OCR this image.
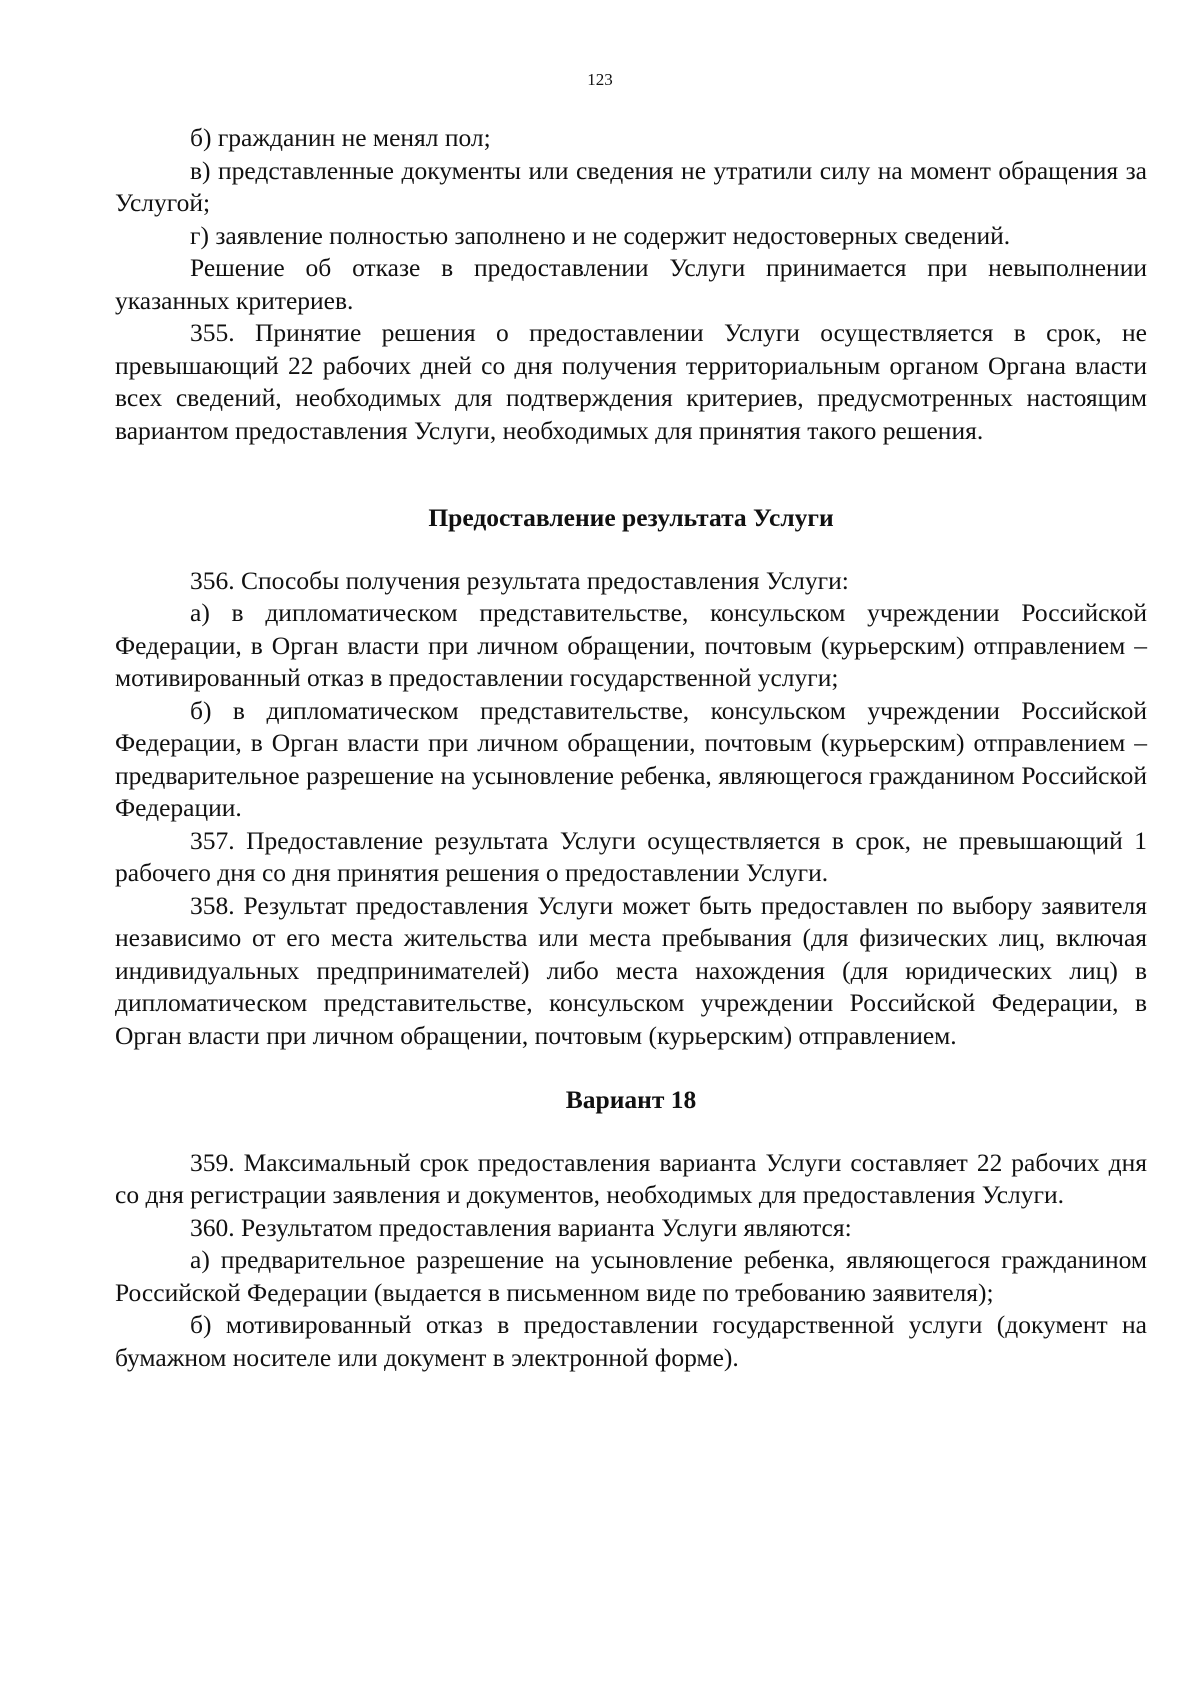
123

б) гражданин не менял пол;

в) представленные документы или сведения не утратили силу на момент обращения за Услугой;

г) заявление полностью заполнено и не содержит недостоверных сведений.

Решение об отказе в предоставлении Услуги принимается при невыполнении указанных критериев.

355. Принятие решения о предоставлении Услуги осуществляется в срок, не превышающий 22 рабочих дней со дня получения территориальным органом Органа власти всех сведений, необходимых для подтверждения критериев, предусмотренных настоящим вариантом предоставления Услуги, необходимых для принятия такого решения.

Предоставление результата Услуги

356. Способы получения результата предоставления Услуги:

а) в дипломатическом представительстве, консульском учреждении Российской Федерации, в Орган власти при личном обращении, почтовым (курьерским) отправлением – мотивированный отказ в предоставлении государственной услуги;

б) в дипломатическом представительстве, консульском учреждении Российской Федерации, в Орган власти при личном обращении, почтовым (курьерским) отправлением – предварительное разрешение на усыновление ребенка, являющегося гражданином Российской Федерации.

357. Предоставление результата Услуги осуществляется в срок, не превышающий 1 рабочего дня со дня принятия решения о предоставлении Услуги.

358. Результат предоставления Услуги может быть предоставлен по выбору заявителя независимо от его места жительства или места пребывания (для физических лиц, включая индивидуальных предпринимателей) либо места нахождения (для юридических лиц) в дипломатическом представительстве, консульском учреждении Российской Федерации, в Орган власти при личном обращении, почтовым (курьерским) отправлением.

Вариант 18

359. Максимальный срок предоставления варианта Услуги составляет 22 рабочих дня со дня регистрации заявления и документов, необходимых для предоставления Услуги.

360. Результатом предоставления варианта Услуги являются:

а) предварительное разрешение на усыновление ребенка, являющегося гражданином Российской Федерации (выдается в письменном виде по требованию заявителя);

б) мотивированный отказ в предоставлении государственной услуги (документ на бумажном носителе или документ в электронной форме).
